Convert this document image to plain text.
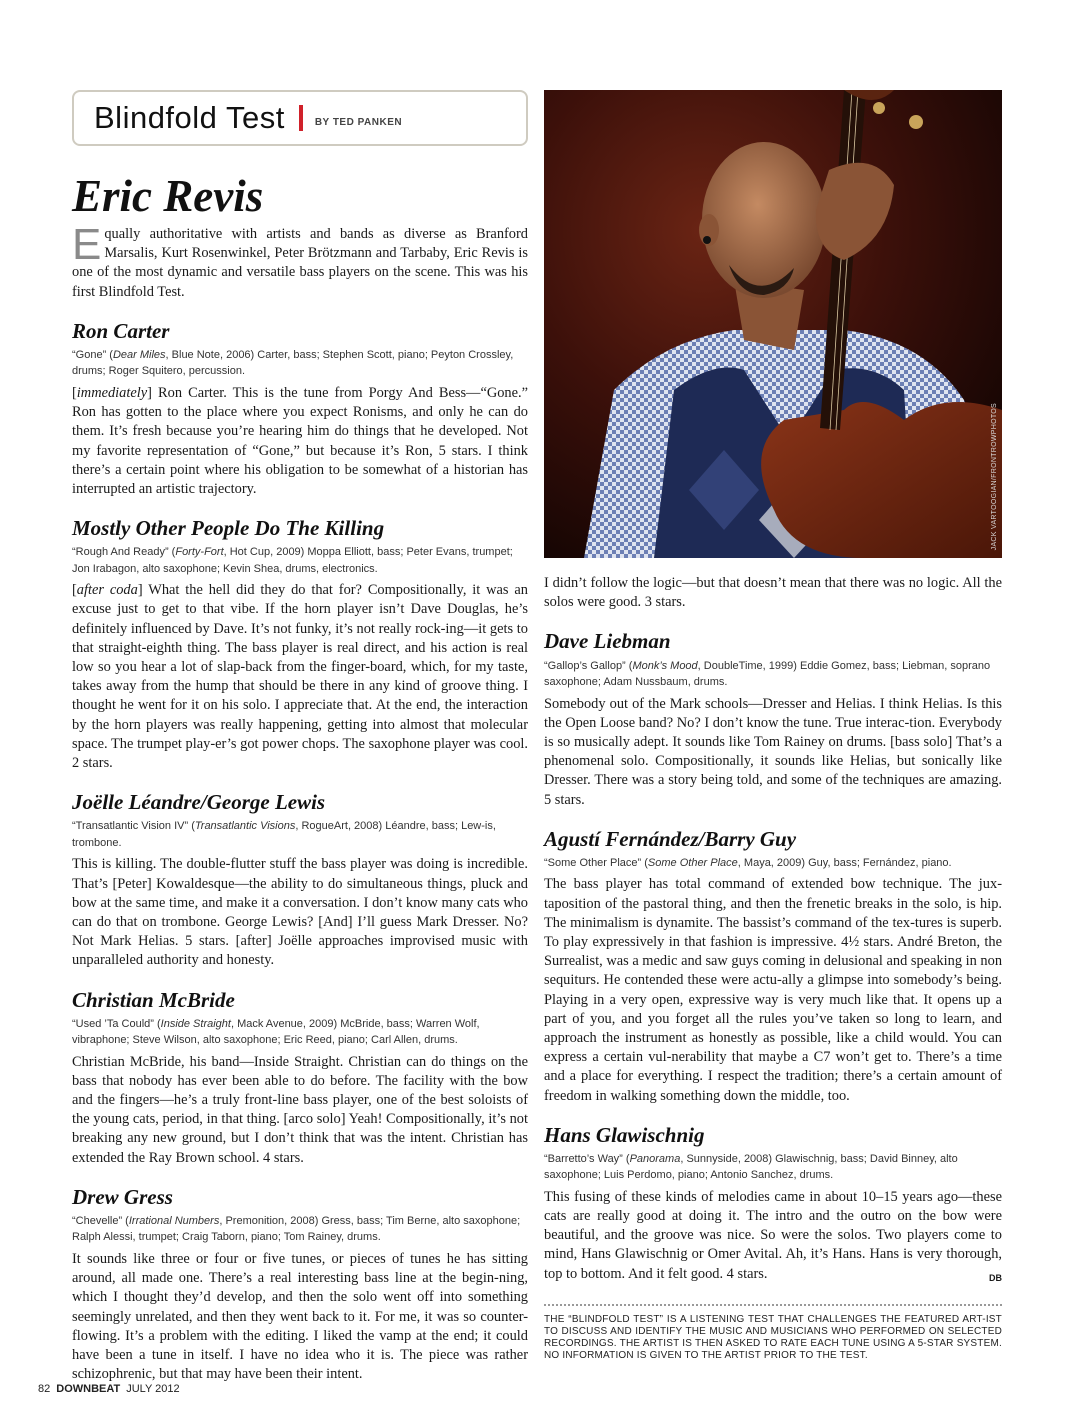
Blindfold Test	BY TED PANKEN
Eric Revis

Equally authoritative with artists and bands as diverse as Branford Marsalis, Kurt Rosenwinkel, Peter Brötzmann and Tarbaby, Eric Revis is one of the most dynamic and versatile bass players on the scene. This was his first Blindfold Test.

Ron Carter
“Gone” (Dear Miles, Blue Note, 2006) Carter, bass; Stephen Scott, piano; Peyton Crossley, drums; Roger Squitero, percussion.

[immediately] Ron Carter. This is the tune from Porgy And Bess—“Gone.” Ron has gotten to the place where you expect Ronisms, and only he can do them. It’s fresh because you’re hearing him do things that he developed. Not my favorite representation of “Gone,” but because it’s Ron, 5 stars. I think there’s a certain point where his obligation to be somewhat of a historian has interrupted an artistic trajectory.

Mostly Other People Do The Killing
“Rough And Ready” (Forty-Fort, Hot Cup, 2009) Moppa Elliott, bass; Peter Evans, trumpet; Jon Irabagon, alto saxophone; Kevin Shea, drums, electronics.

[after coda] What the hell did they do that for? Compositionally, it was an excuse just to get to that vibe. If the horn player isn’t Dave Douglas, he’s definitely influenced by Dave. It’s not funky, it’s not really rock-ing—it gets to that straight-eighth thing. The bass player is real direct, and his action is real low so you hear a lot of slap-back from the finger-board, which, for my taste, takes away from the hump that should be there in any kind of groove thing. I thought he went for it on his solo. I appreciate that. At the end, the interaction by the horn players was really happening, getting into almost that molecular space. The trumpet play-er’s got power chops. The saxophone player was cool. 2 stars.

Joëlle Léandre/George Lewis
“Transatlantic Vision IV” (Transatlantic Visions, RogueArt, 2008) Léandre, bass; Lew-is, trombone.

This is killing. The double-flutter stuff the bass player was doing is incredible. That’s [Peter] Kowaldesque—the ability to do simultaneous things, pluck and bow at the same time, and make it a conversation. I don’t know many cats who can do that on trombone. George Lewis? [And] I’ll guess Mark Dresser. No? Not Mark Helias. 5 stars. [after] Joëlle approaches improvised music with unparalleled authority and honesty.

Christian McBride
“Used ’Ta Could” (Inside Straight, Mack Avenue, 2009) McBride, bass; Warren Wolf, vibraphone; Steve Wilson, alto saxophone; Eric Reed, piano; Carl Allen, drums.

Christian McBride, his band—Inside Straight. Christian can do things on the bass that nobody has ever been able to do before. The facility with the bow and the fingers—he’s a truly front-line bass player, one of the best soloists of the young cats, period, in that thing. [arco solo] Yeah! Compositionally, it’s not breaking any new ground, but I don’t think that was the intent. Christian has extended the Ray Brown school. 4 stars.

Drew Gress
“Chevelle” (Irrational Numbers, Premonition, 2008) Gress, bass; Tim Berne, alto saxophone; Ralph Alessi, trumpet; Craig Taborn, piano; Tom Rainey, drums.

It sounds like three or four or five tunes, or pieces of tunes he has sitting around, all made one. There’s a real interesting bass line at the begin-ning, which I thought they’d develop, and then the solo went off into something seemingly unrelated, and then they went back to it. For me, it was so counter-flowing. It’s a problem with the editing. I liked the vamp at the end; it could have been a tune in itself. I have no idea who it is. The piece was rather schizophrenic, but that may have been their intent.

JACK VARTOOGIAN/FRONTROWPHOTOS

I didn’t follow the logic—but that doesn’t mean that there was no logic. All the solos were good. 3 stars.

Dave Liebman
“Gallop’s Gallop” (Monk’s Mood, DoubleTime, 1999) Eddie Gomez, bass; Liebman, soprano saxophone; Adam Nussbaum, drums.

Somebody out of the Mark schools—Dresser and Helias. I think Helias. Is this the Open Loose band? No? I don’t know the tune. True interac-tion. Everybody is so musically adept. It sounds like Tom Rainey on drums. [bass solo] That’s a phenomenal solo. Compositionally, it sounds like Helias, but sonically like Dresser. There was a story being told, and some of the techniques are amazing. 5 stars.

Agustí Fernández/Barry Guy
“Some Other Place” (Some Other Place, Maya, 2009) Guy, bass; Fernández, piano.

The bass player has total command of extended bow technique. The jux-taposition of the pastoral thing, and then the frenetic breaks in the solo, is hip. The minimalism is dynamite. The bassist’s command of the tex-tures is superb. To play expressively in that fashion is impressive. 4½ stars. André Breton, the Surrealist, was a medic and saw guys coming in delusional and speaking in non sequiturs. He contended these were actu-ally a glimpse into somebody’s being. Playing in a very open, expressive way is very much like that. It opens up a part of you, and you forget all the rules you’ve taken so long to learn, and approach the instrument as honestly as possible, like a child would. You can express a certain vul-nerability that maybe a C7 won’t get to. There’s a time and a place for everything. I respect the tradition; there’s a certain amount of freedom in walking something down the middle, too.

Hans Glawischnig
“Barretto’s Way” (Panorama, Sunnyside, 2008) Glawischnig, bass; David Binney, alto saxophone; Luis Perdomo, piano; Antonio Sanchez, drums.

This fusing of these kinds of melodies came in about 10–15 years ago—these cats are really good at doing it. The intro and the outro on the bow were beautiful, and the groove was nice. So were the solos. Two players come to mind, Hans Glawischnig or Omer Avital. Ah, it’s Hans. Hans is very thorough, top to bottom. And it felt good. 4 stars.	DB

THE “BLINDFOLD TEST” IS A LISTENING TEST THAT CHALLENGES THE FEATURED ART-IST TO DISCUSS AND IDENTIFY THE MUSIC AND MUSICIANS WHO PERFORMED ON SELECTED RECORDINGS. THE ARTIST IS THEN ASKED TO RATE EACH TUNE USING A 5-STAR SYSTEM. NO INFORMATION IS GIVEN TO THE ARTIST PRIOR TO THE TEST.
82 DOWNBEAT JULY 2012
